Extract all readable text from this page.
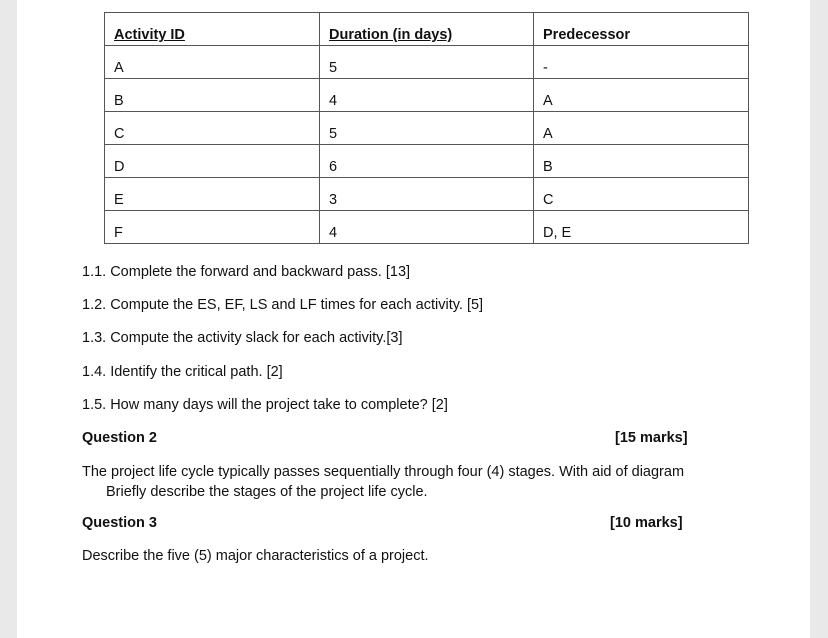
Activity ID	Duration (in days)	Predecessor
A	5	-
B	4	A
C	5	A
D	6	B
E	3	C
F	4	D, E
1.1. Complete the forward and backward pass. [13]
1.2. Compute the ES, EF, LS and LF times for each activity. [5]
1.3. Compute the activity slack for each activity.[3]
1.4. Identify the critical path. [2]
1.5. How many days will the project take to complete? [2]
Question 2	[15 marks]
The project life cycle typically passes sequentially through four (4) stages. With aid of diagram
Briefly describe the stages of the project life cycle.
Question 3	[10 marks]
Describe the five (5) major characteristics of a project.
